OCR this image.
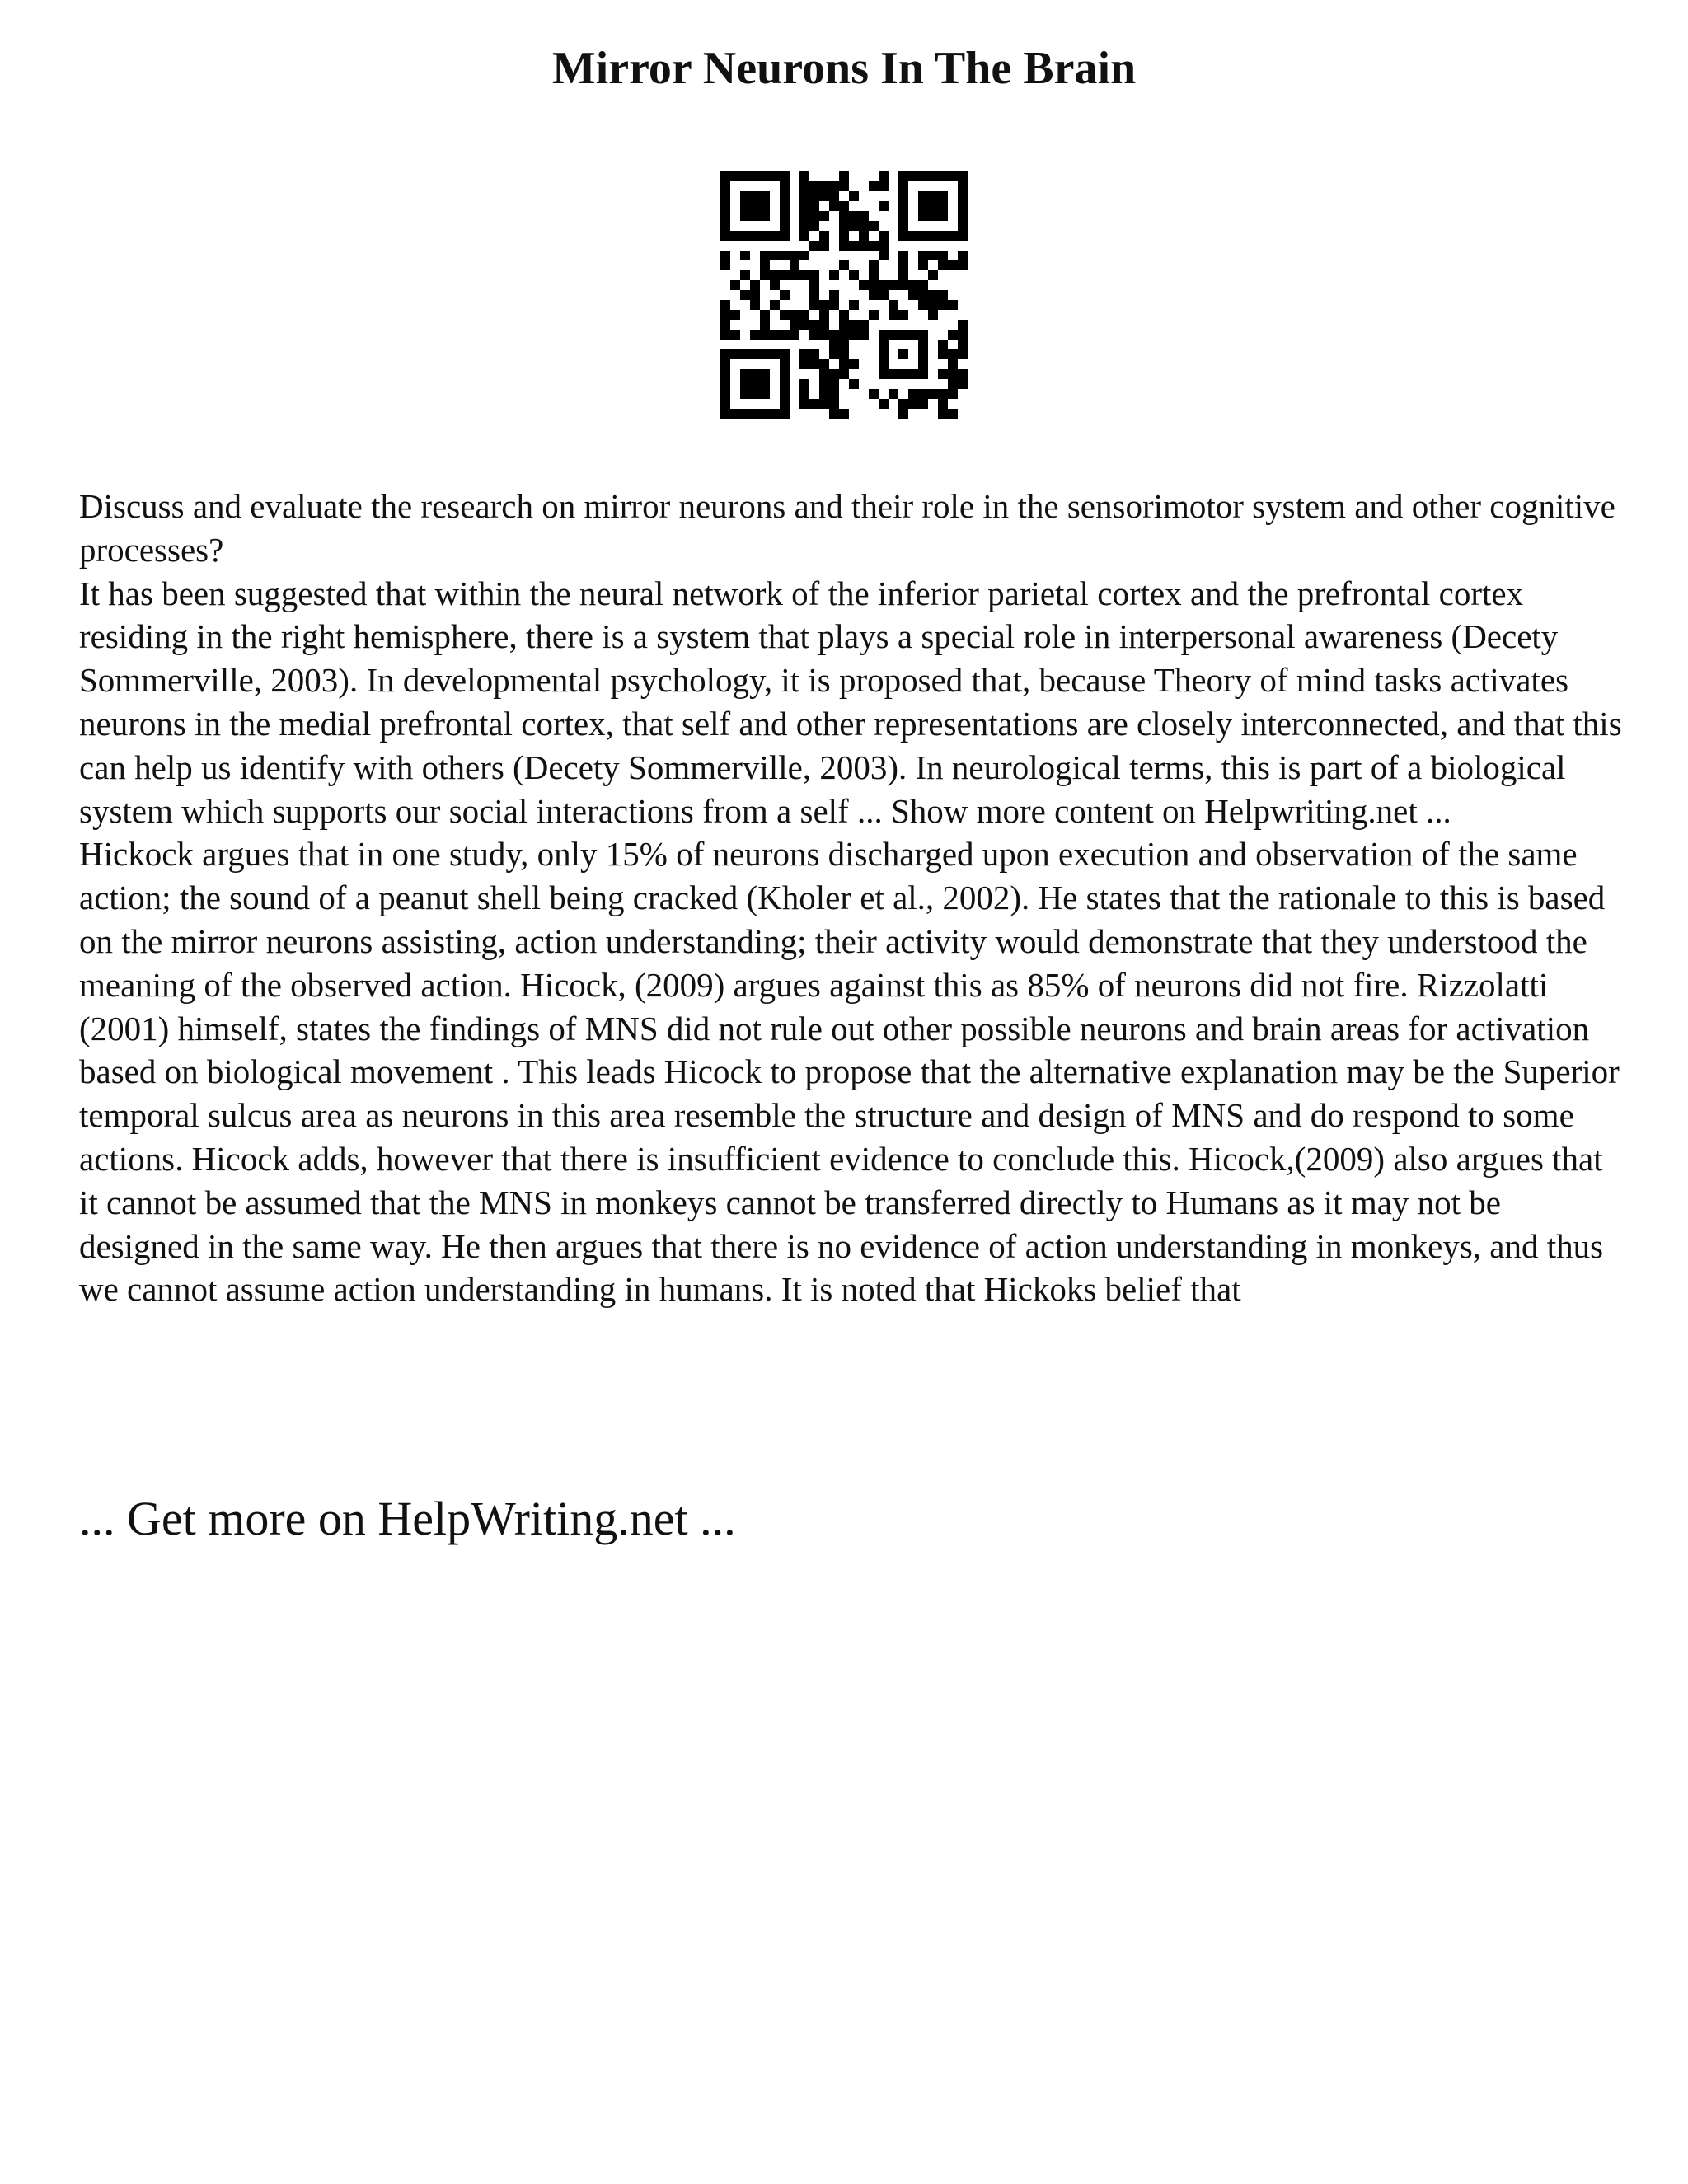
Mirror Neurons In The Brain

Discuss and evaluate the research on mirror neurons and their role in the sensorimotor system and other cognitive processes?

It has been suggested that within the neural network of the inferior parietal cortex and the prefrontal cortex residing in the right hemisphere, there is a system that plays a special role in interpersonal awareness (Decety Sommerville, 2003). In developmental psychology, it is proposed that, because Theory of mind tasks activates neurons in the medial prefrontal cortex, that self and other representations are closely interconnected, and that this can help us identify with others (Decety Sommerville, 2003). In neurological terms, this is part of a biological system which supports our social interactions from a self ... Show more content on Helpwriting.net ...

Hickock argues that in one study, only 15% of neurons discharged upon execution and observation of the same action; the sound of a peanut shell being cracked (Kholer et al., 2002). He states that the rationale to this is based on the mirror neurons assisting, action understanding; their activity would demonstrate that they understood the meaning of the observed action. Hicock, (2009) argues against this as 85% of neurons did not fire. Rizzolatti (2001) himself, states the findings of MNS did not rule out other possible neurons and brain areas for activation based on biological movement . This leads Hicock to propose that the alternative explanation may be the Superior temporal sulcus area as neurons in this area resemble the structure and design of MNS and do respond to some actions. Hicock adds, however that there is insufficient evidence to conclude this. Hicock,(2009) also argues that it cannot be assumed that the MNS in monkeys cannot be transferred directly to Humans as it may not be designed in the same way. He then argues that there is no evidence of action understanding in monkeys, and thus we cannot assume action understanding in humans. It is noted that Hickoks belief that

... Get more on HelpWriting.net ...
